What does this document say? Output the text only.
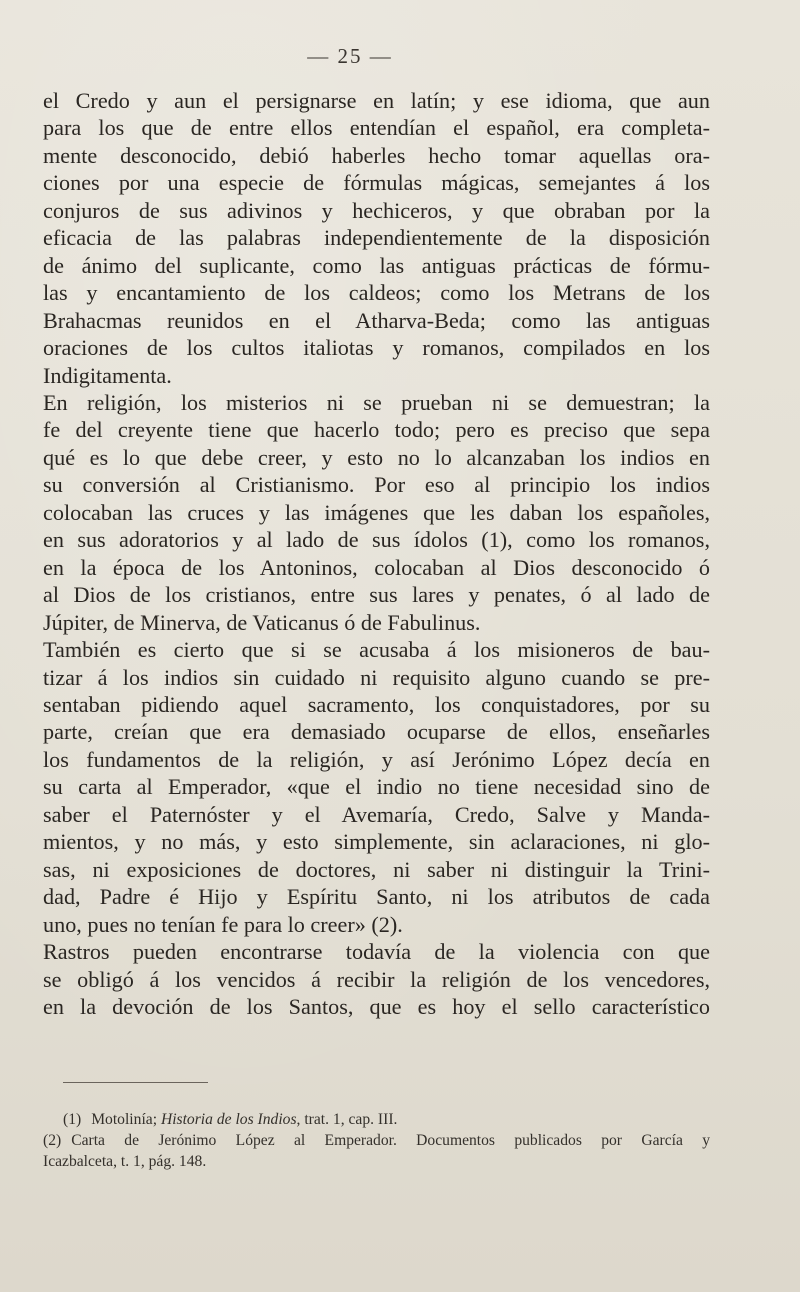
— 25 —
el Credo y aun el persignarse en latín; y ese idioma, que aun
para los que de entre ellos entendían el español, era completa-
mente desconocido, debió haberles hecho tomar aquellas ora-
ciones por una especie de fórmulas mágicas, semejantes á los
conjuros de sus adivinos y hechiceros, y que obraban por la
eficacia de las palabras independientemente de la disposición
de ánimo del suplicante, como las antiguas prácticas de fórmu-
las y encantamiento de los caldeos; como los Metrans de los
Brahacmas reunidos en el Atharva-Beda; como las antiguas
oraciones de los cultos italiotas y romanos, compilados en los
Indigitamenta.
En religión, los misterios ni se prueban ni se demuestran; la
fe del creyente tiene que hacerlo todo; pero es preciso que sepa
qué es lo que debe creer, y esto no lo alcanzaban los indios en
su conversión al Cristianismo. Por eso al principio los indios
colocaban las cruces y las imágenes que les daban los españoles,
en sus adoratorios y al lado de sus ídolos (1), como los romanos,
en la época de los Antoninos, colocaban al Dios desconocido ó
al Dios de los cristianos, entre sus lares y penates, ó al lado de
Júpiter, de Minerva, de Vaticanus ó de Fabulinus.
También es cierto que si se acusaba á los misioneros de bau-
tizar á los indios sin cuidado ni requisito alguno cuando se pre-
sentaban pidiendo aquel sacramento, los conquistadores, por su
parte, creían que era demasiado ocuparse de ellos, enseñarles
los fundamentos de la religión, y así Jerónimo López decía en
su carta al Emperador, «que el indio no tiene necesidad sino de
saber el Paternóster y el Avemaría, Credo, Salve y Manda-
mientos, y no más, y esto simplemente, sin aclaraciones, ni glo-
sas, ni exposiciones de doctores, ni saber ni distinguir la Trini-
dad, Padre é Hijo y Espíritu Santo, ni los atributos de cada
uno, pues no tenían fe para lo creer» (2).
Rastros pueden encontrarse todavía de la violencia con que
se obligó á los vencidos á recibir la religión de los vencedores,
en la devoción de los Santos, que es hoy el sello característico
(1) Motolinía; Historia de los Indios, trat. 1, cap. III.
(2) Carta de Jerónimo López al Emperador. Documentos publicados por García y
Icazbalceta, t. 1, pág. 148.
